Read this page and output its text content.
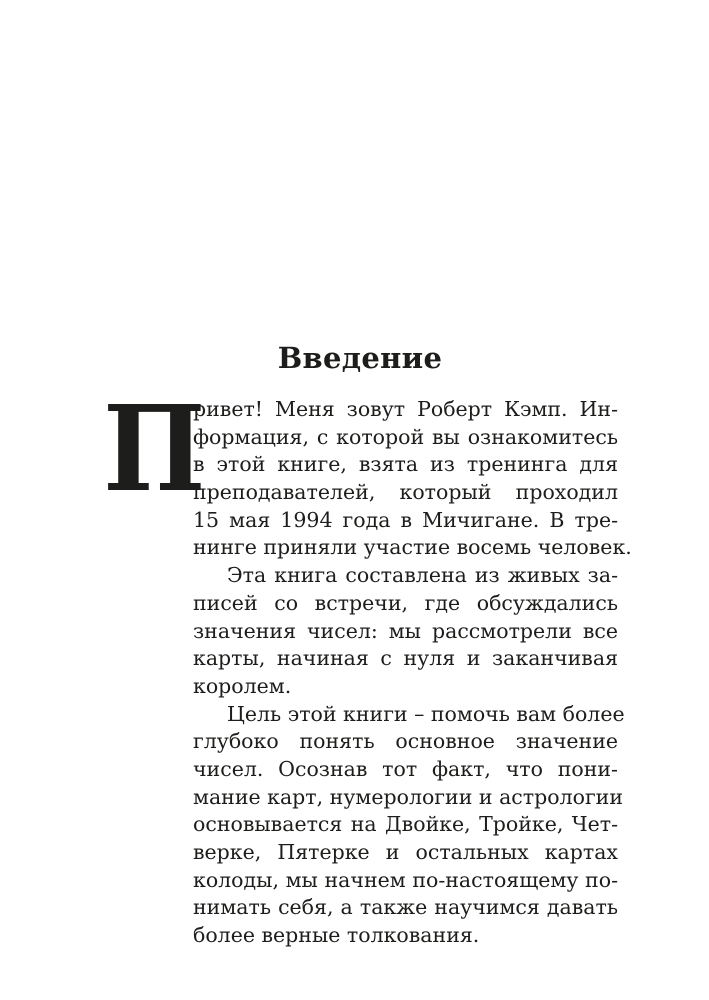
Введение
П
ривет! Меня зовут Роберт Кэмп. Ин-
формация, с которой вы ознакомитесь
в этой книге, взята из тренинга для
преподавателей, который проходил
15 мая 1994 года в Мичигане. В тре-
нинге приняли участие восемь человек.
Эта книга составлена из живых за-
писей со встречи, где обсуждались
значения чисел: мы рассмотрели все
карты, начиная с нуля и заканчивая
королем.
Цель этой книги – помочь вам более
глубоко понять основное значение
чисел. Осознав тот факт, что пони-
мание карт, нумерологии и астрологии
основывается на Двойке, Тройке, Чет-
верке, Пятерке и остальных картах
колоды, мы начнем по-настоящему по-
нимать себя, а также научимся давать
более верные толкования.
